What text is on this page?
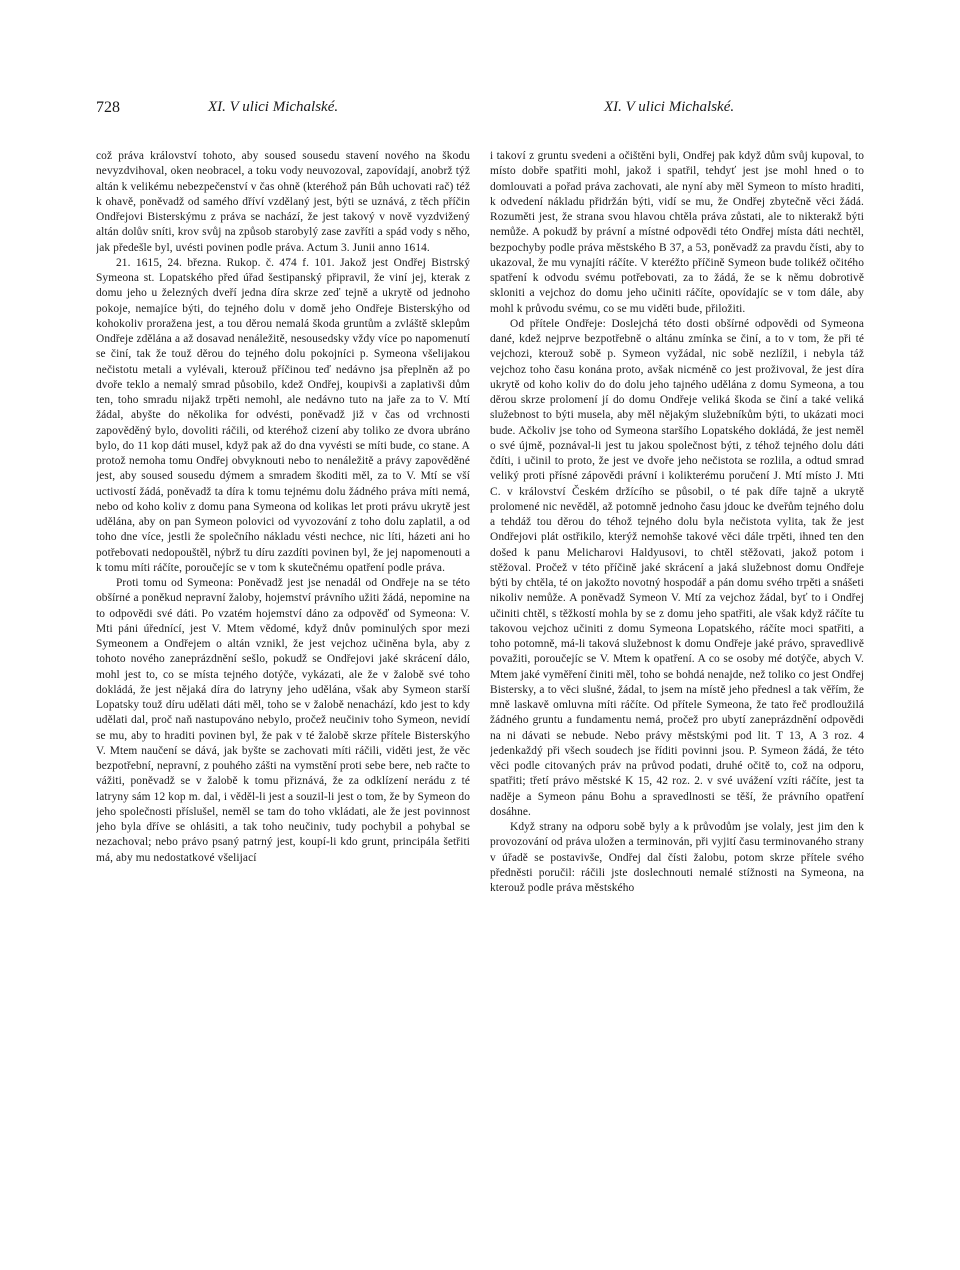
728	XI. V ulici Michalské.	XI. V ulici Michalské.

což práva království tohoto, aby soused sousedu stavení nového na škodu nevyzdvihoval, oken neobracel, a toku vody neuvozoval, zapovídají, anobrž týž altán k velikému nebezpečenství v čas ohně (kteréhož pán Bůh uchovati rač) též k ohavě, poněvadž od samého dříví vzdělaný jest, býti se uznává, z těch příčin Ondřejovi Bisterskýmu z práva se nachází, že jest takový v nově vyzdvižený altán dolův sníti, krov svůj na způsob starobylý zase zavříti a spád vody s něho, jak předešle byl, uvésti povinen podle práva. Actum 3. Junii anno 1614.

21. 1615, 24. března. Rukop. č. 474 f. 101. Jakož jest Ondřej Bistrský Symeona st. Lopatského před úřad šestipanský připravil, že viní jej, kterak z domu jeho u železných dveří jedna díra skrze zeď tejně a ukrytě od jednoho pokoje, nemajíce býti, do tejného dolu v domě jeho Ondřeje Bisterskýho od kohokoliv proražena jest, a tou děrou nemalá škoda gruntům a zvláště sklepům Ondřeje zdělána a až dosavad nenáležitě, nesousedsky vždy více po napomenutí se činí, tak že touž děrou do tejného dolu pokojníci p. Symeona všelijakou nečistotu metali a vylévali, kterouž příčinou teď nedávno jsa přeplněn až po dvoře teklo a nemalý smrad působilo, kdež Ondřej, koupivši a zaplativši dům ten, toho smradu nijakž trpěti nemohl, ale nedávno tuto na jaře za to V. Mtí žádal, abyšte do několika for odvésti, poněvadž již v čas od vrchnosti zapověděný bylo, dovoliti ráčili, od kteréhož cizení aby toliko ze dvora ubráno bylo, do 11 kop dáti musel, když pak až do dna vyvésti se míti bude, co stane. A protož nemoha tomu Ondřej obvyknouti nebo to nenáležitě a právy zapověděné jest, aby soused sousedu dýmem a smradem škoditi měl, za to V. Mtí se vší uctivostí žádá, poněvadž ta díra k tomu tejnému dolu žádného práva míti nemá, nebo od koho koliv z domu pana Symeona od kolikas let proti právu ukrytě jest udělána, aby on pan Symeon polovici od vyvozování z toho dolu zaplatil, a od toho dne více, jestli že společního nákladu vésti nechce, nic líti, házeti ani ho potřebovati nedopouštěl, nýbrž tu díru zazdíti povinen byl, že jej napomenouti a k tomu míti ráčíte, poroučejíc se v tom k skutečnému opatření podle práva.

Proti tomu od Symeona: Poněvadž jest jse nenadál od Ondřeje na se této obšírné a poněkud nepravní žaloby, hojemství právního užiti žádá, nepomine na to odpovědi své dáti. Po vzatém hojemství dáno za odpověď od Symeona: V. Mti páni úřednící, jest V. Mtem vědomé, když dnův pominulých spor mezi Symeonem a Ondřejem o altán vznikl, že jest vejchoz učiněna byla, aby z tohoto nového zaneprázdnění sešlo, pokudž se Ondřejovi jaké skrácení dálo, mohl jest to, co se místa tejného dotýče, vykázati, ale že v žalobě své toho dokládá, že jest nějaká díra do latryny jeho udělána, však aby Symeon starší Lopatsky touž díru udělati dáti měl, toho se v žalobě nenachází, kdo jest to kdy udělati dal, proč naň nastupováno nebylo, pročež neučiniv toho Symeon, nevidí se mu, aby to hraditi povinen byl, že pak v té žalobě skrze přítele Bisterskýho V. Mtem naučení se dává, jak byšte se zachovati míti ráčili, viděti jest, že věc bezpotřební, nepravní, z pouhého zášti na vymstění proti sebe bere, neb račte to vážiti, poněvadž se v žalobě k tomu přiznává, že za odklízení nerádu z té latryny sám 12 kop m. dal, i věděl-li jest a souzil-li jest o tom, že by Symeon do jeho společnosti příslušel, neměl se tam do toho vkládati, ale že jest povinnost jeho byla dříve se ohlásiti, a tak toho neučiniv, tudy pochybil a pohybal se nezachoval; nebo právo psaný patrný jest, koupí-li kdo grunt, principála šetřiti má, aby mu nedostatkové všelijací

i takoví z gruntu svedeni a očištěni byli, Ondřej pak když dům svůj kupoval, to místo dobře spatřiti mohl, jakož i spatřil, tehdyť jest jse mohl hned o to domlouvati a pořad práva zachovati, ale nyní aby měl Symeon to místo hraditi, k odvedení nákladu přidržán býti, vidí se mu, že Ondřej zbytečně věci žádá. Rozuměti jest, že strana svou hlavou chtěla práva zůstati, ale to nikterakž býti nemůže. A pokudž by právní a místné odpovědi této Ondřej místa dáti nechtěl, bezpochyby podle práva městského B 37, a 53, poněvadž za pravdu čísti, aby to ukazoval, že mu vynajíti ráčíte. V kteréžto příčině Symeon bude tolikéž očitého spatření k odvodu svému potřebovati, za to žádá, že se k němu dobrotivě skloniti a vejchoz do domu jeho učiniti ráčíte, opovídajíc se v tom dále, aby mohl k průvodu svému, co se mu viděti bude, přiložiti.

Od přítele Ondřeje: Doslejchá této dosti obšírné odpovědi od Symeona dané, kdež nejprve bezpotřebně o altánu zmínka se činí, a to v tom, že při té vejchozi, kterouž sobě p. Symeon vyžádal, nic sobě nezlížil, i nebyla táž vejchoz toho času konána proto, avšak nicméně co jest proživoval, že jest díra ukrytě od koho koliv do do dolu jeho tajného udělána z domu Symeona, a tou děrou skrze prolomení jí do domu Ondřeje veliká škoda se činí a také veliká služebnost to býti musela, aby měl nějakým služebníkům býti, to ukázati moci bude. Ačkoliv jse toho od Symeona staršího Lopatského dokládá, že jest neměl o své újmě, poznával-li jest tu jakou společnost býti, z téhož tejného dolu dáti čdíti, i učinil to proto, že jest ve dvoře jeho nečistota se rozlila, a odtud smrad veliký proti přísné zápovědi právní i kolikterému poručení J. Mtí místo J. Mti C. v království Českém držícího se působil, o té pak díře tajně a ukrytě prolomené nic nevěděl, až potomně jednoho času jdouc ke dveřům tejného dolu a tehdáž tou děrou do téhož tejného dolu byla nečistota vylita, tak že jest Ondřejovi plát ostřikilo, kterýž nemohše takové věci dále trpěti, ihned ten den došed k panu Melicharovi Haldyusovi, to chtěl stěžovati, jakož potom i stěžoval. Pročež v této příčině jaké skrácení a jaká služebnost domu Ondřeje býti by chtěla, té on jakožto novotný hospodář a pán domu svého trpěti a snášeti nikoliv nemůže. A poněvadž Symeon V. Mtí za vejchoz žádal, byť to i Ondřej učiniti chtěl, s těžkostí mohla by se z domu jeho spatřiti, ale však když ráčíte tu takovou vejchoz učiniti z domu Symeona Lopatského, ráčíte moci spatřiti, a toho potomně, má-li taková služebnost k domu Ondřeje jaké právo, spravedlivě považiti, poroučejíc se V. Mtem k opatření. A co se osoby mé dotýče, abych V. Mtem jaké vyměření činiti měl, toho se bohdá nenajde, než toliko co jest Ondřej Bistersky, a to věci slušné, žádal, to jsem na místě jeho přednesl a tak věřím, že mně laskavě omluvna míti ráčíte. Od přítele Symeona, že tato řeč prodloužilá žádného gruntu a fundamentu nemá, pročež pro ubytí zaneprázdnění odpovědi na ni dávati se nebude. Nebo právy městskými pod lit. T 13, A 3 roz. 4 jedenkaždý při všech soudech jse říditi povinni jsou. P. Symeon žádá, že této věci podle citovaných práv na průvod podati, druhé očitě to, což na odporu, spatřiti; třetí právo městské K 15, 42 roz. 2. v své uvážení vzíti ráčíte, jest ta naděje a Symeon pánu Bohu a spravedlnosti se těší, že právního opatření dosáhne.

Když strany na odporu sobě byly a k průvodům jse volaly, jest jim den k provozování od práva uložen a terminován, při vyjití času terminovaného strany v úřadě se postavivše, Ondřej dal čísti žalobu, potom skrze přítele svého předněsti poručil: ráčili jste doslechnouti nemalé stížnosti na Symeona, na kterouž podle práva městského
